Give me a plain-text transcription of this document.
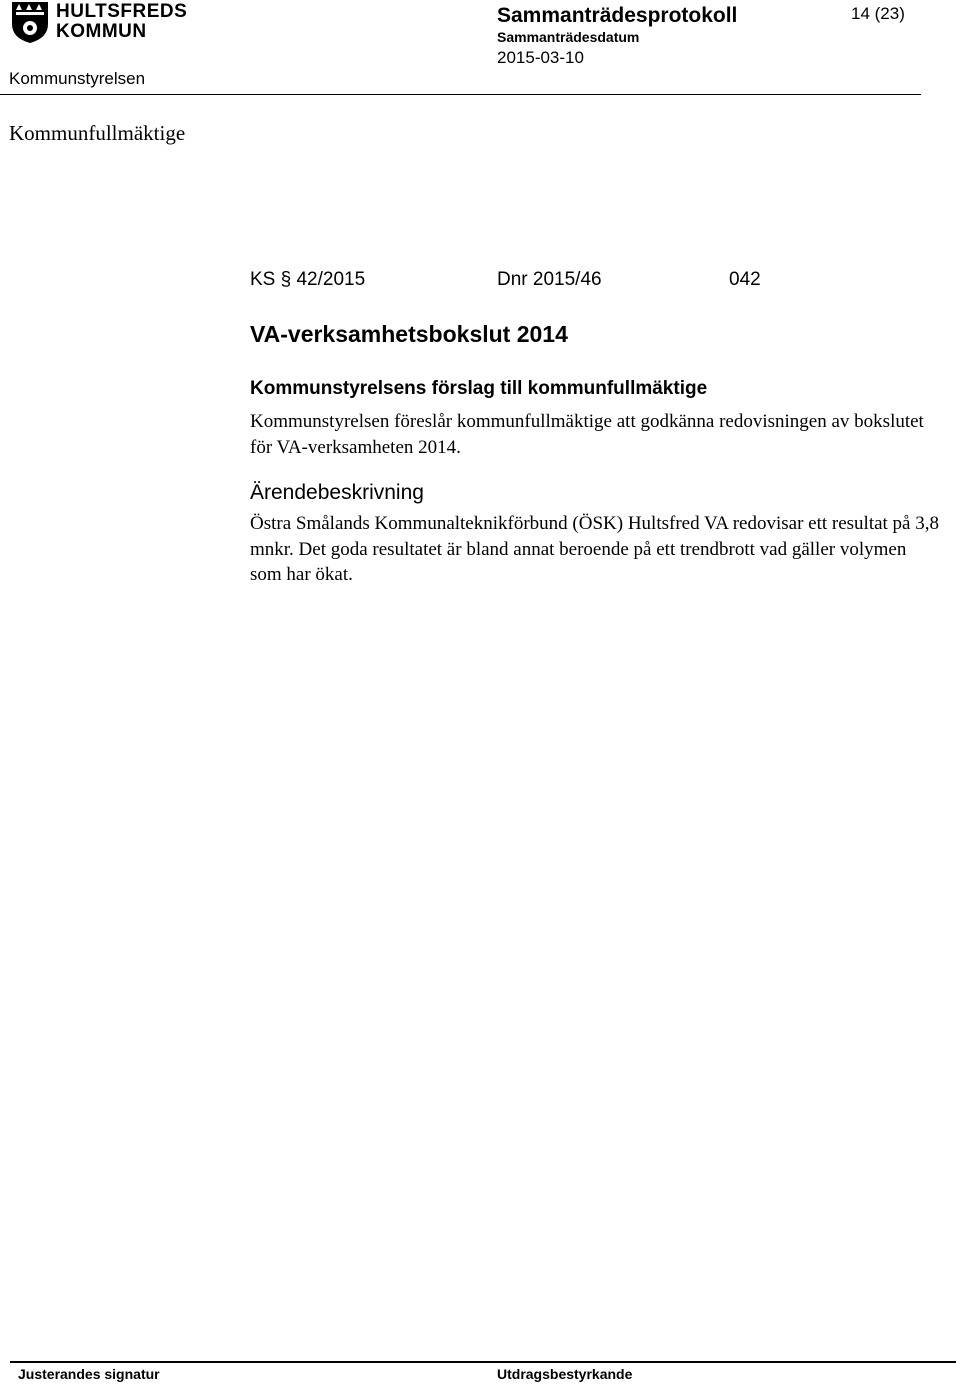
HULTSFREDS
KOMMUN
Sammanträdesprotokoll	14 (23)
Sammanträdesdatum
2015-03-10
Kommunstyrelsen
Kommunfullmäktige
KS § 42/2015	Dnr 2015/46	042
VA-verksamhetsbokslut 2014
Kommunstyrelsens förslag till kommunfullmäktige
Kommunstyrelsen föreslår kommunfullmäktige att godkänna redovisningen av bokslutet för VA-verksamheten 2014.
Ärendebeskrivning
Östra Smålands Kommunalteknikförbund (ÖSK) Hultsfred VA redovisar ett resultat på 3,8 mnkr. Det goda resultatet är bland annat beroende på ett trendbrott vad gäller volymen som har ökat.
Justerandes signatur	Utdragsbestyrkande
